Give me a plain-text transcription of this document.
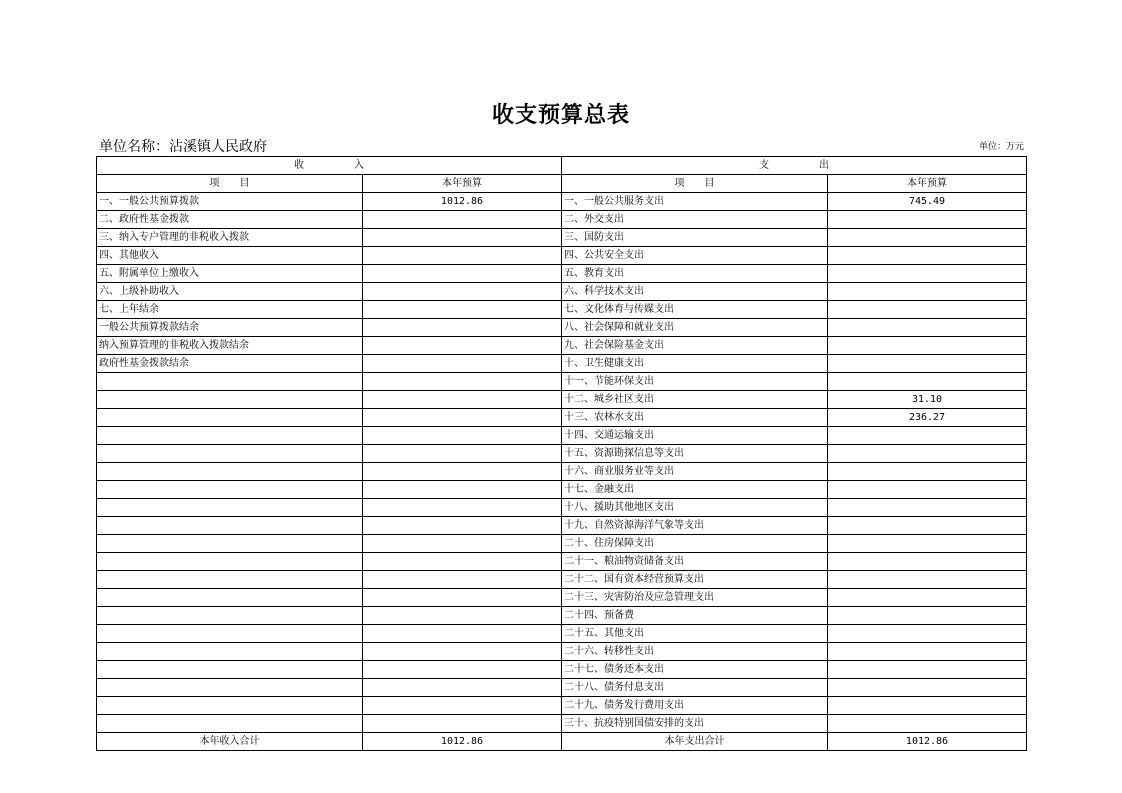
收支预算总表
单位名称：沾溪镇人民政府	单位：万元
收　　　　　入		支　　　　　出	
项　　目	本年预算	项　　目	本年预算
一、一般公共预算拨款	1012.86	一、一般公共服务支出	745.49
二、政府性基金拨款		二、外交支出	
三、纳入专户管理的非税收入拨款		三、国防支出	
四、其他收入		四、公共安全支出	
五、附属单位上缴收入		五、教育支出	
六、上级补助收入		六、科学技术支出	
七、上年结余		七、文化体育与传媒支出	
一般公共预算拨款结余		八、社会保障和就业支出	
纳入预算管理的非税收入拨款结余		九、社会保险基金支出	
政府性基金拨款结余		十、卫生健康支出	
		十一、节能环保支出	
		十二、城乡社区支出	31.10
		十三、农林水支出	236.27
		十四、交通运输支出	
		十五、资源勘探信息等支出	
		十六、商业服务业等支出	
		十七、金融支出	
		十八、援助其他地区支出	
		十九、自然资源海洋气象等支出	
		二十、住房保障支出	
		二十一、粮油物资储备支出	
		二十二、国有资本经营预算支出	
		二十三、灾害防治及应急管理支出	
		二十四、预备费	
		二十五、其他支出	
		二十六、转移性支出	
		二十七、债务还本支出	
		二十八、债务付息支出	
		二十九、债务发行费用支出	
		三十、抗疫特别国债安排的支出	
本年收入合计	1012.86	本年支出合计	1012.86
